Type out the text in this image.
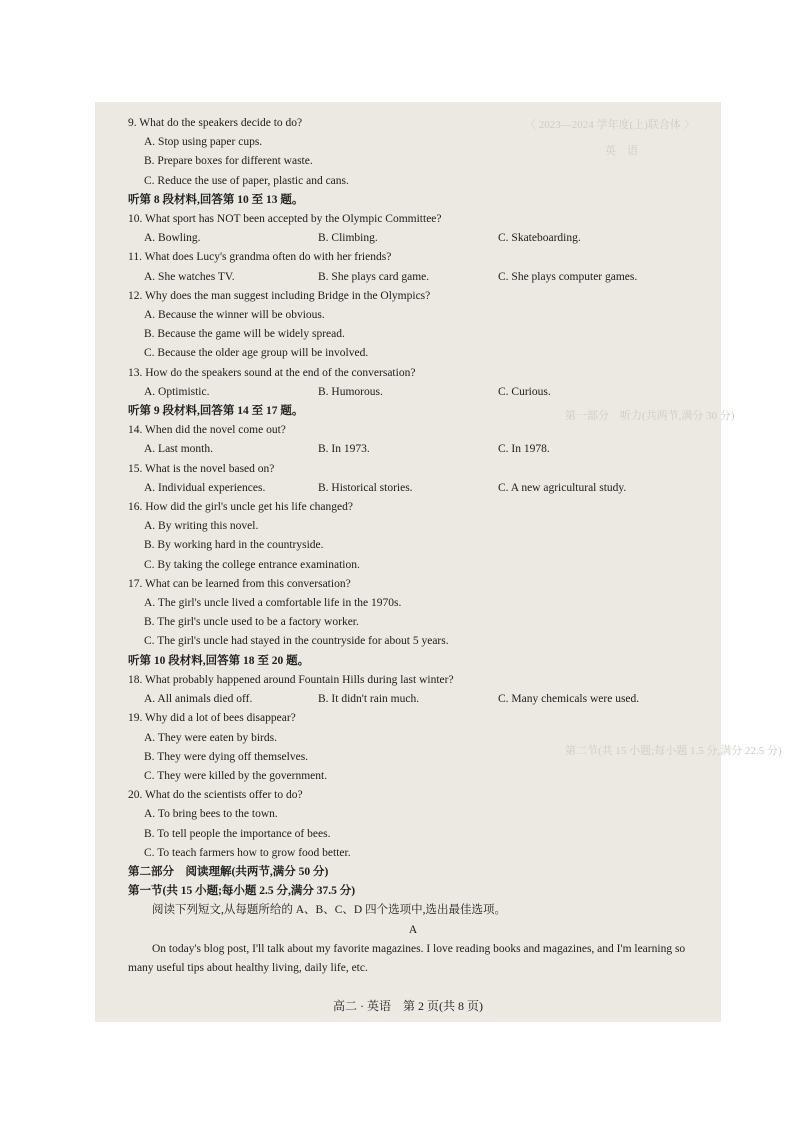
〈 2023—2024 学年度(上)联合体 〉
英　语
第一部分　听力(共两节,满分 30 分)
第二节(共 15 小题;每小题 1.5 分,满分 22.5 分)
9. What do the speakers decide to do?
A. Stop using paper cups.
B. Prepare boxes for different waste.
C. Reduce the use of paper, plastic and cans.
听第 8 段材料,回答第 10 至 13 题。
10. What sport has NOT been accepted by the Olympic Committee?
A. Bowling.	B. Climbing.	C. Skateboarding.
11. What does Lucy's grandma often do with her friends?
A. She watches TV.	B. She plays card game.	C. She plays computer games.
12. Why does the man suggest including Bridge in the Olympics?
A. Because the winner will be obvious.
B. Because the game will be widely spread.
C. Because the older age group will be involved.
13. How do the speakers sound at the end of the conversation?
A. Optimistic.	B. Humorous.	C. Curious.
听第 9 段材料,回答第 14 至 17 题。
14. When did the novel come out?
A. Last month.	B. In 1973.	C. In 1978.
15. What is the novel based on?
A. Individual experiences.	B. Historical stories.	C. A new agricultural study.
16. How did the girl's uncle get his life changed?
A. By writing this novel.
B. By working hard in the countryside.
C. By taking the college entrance examination.
17. What can be learned from this conversation?
A. The girl's uncle lived a comfortable life in the 1970s.
B. The girl's uncle used to be a factory worker.
C. The girl's uncle had stayed in the countryside for about 5 years.
听第 10 段材料,回答第 18 至 20 题。
18. What probably happened around Fountain Hills during last winter?
A. All animals died off.	B. It didn't rain much.	C. Many chemicals were used.
19. Why did a lot of bees disappear?
A. They were eaten by birds.
B. They were dying off themselves.
C. They were killed by the government.
20. What do the scientists offer to do?
A. To bring bees to the town.
B. To tell people the importance of bees.
C. To teach farmers how to grow food better.
第二部分　阅读理解(共两节,满分 50 分)
第一节(共 15 小题;每小题 2.5 分,满分 37.5 分)
阅读下列短文,从每题所给的 A、B、C、D 四个选项中,选出最佳选项。
A
On today's blog post, I'll talk about my favorite magazines. I love reading books and magazines, and I'm learning so many useful tips about healthy living, daily life, etc.
高二 · 英语　第 2 页(共 8 页)
